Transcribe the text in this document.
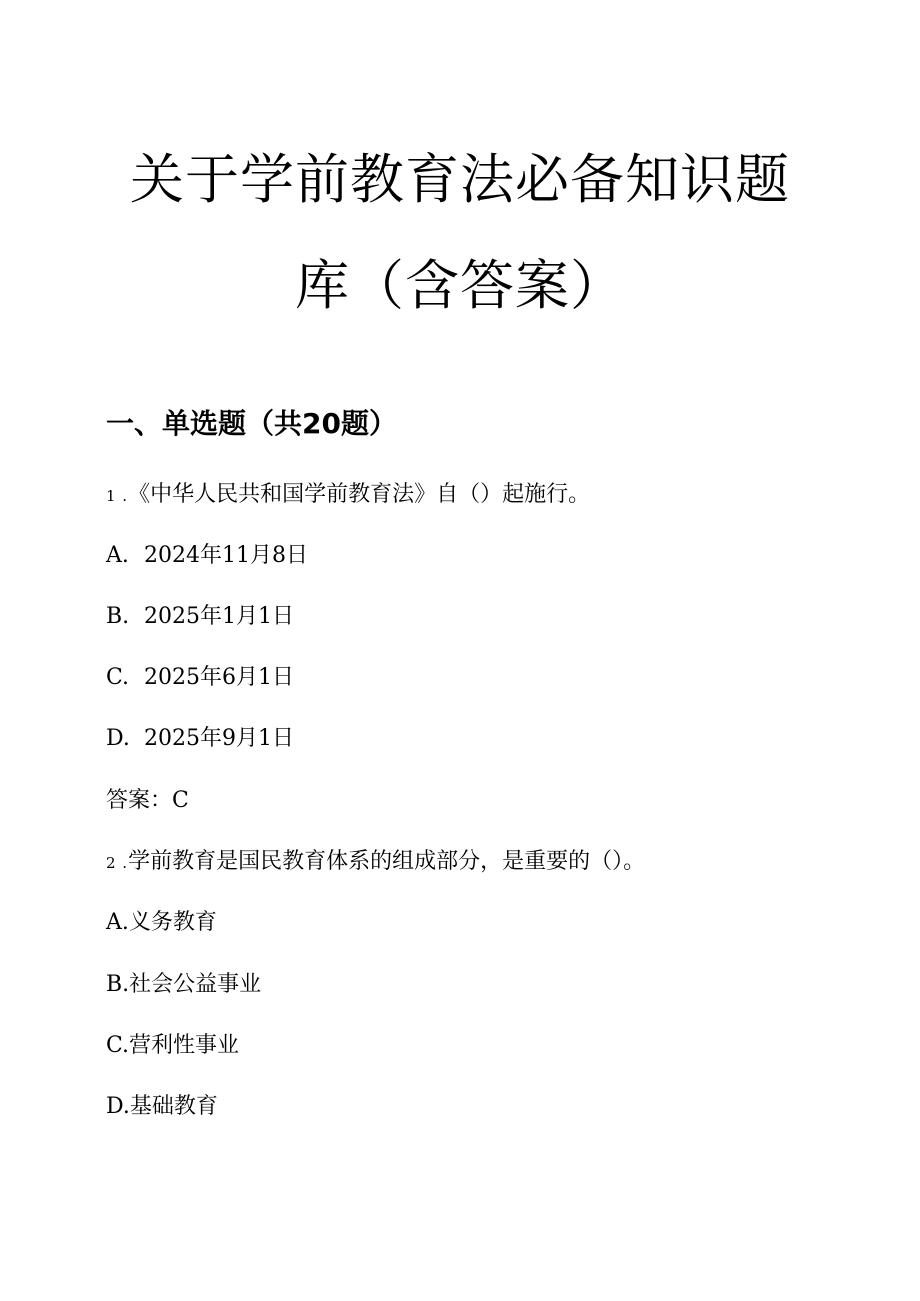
关于学前教育法必备知识题
库（含答案）
一、单选题（共20题）
1 .《中华人民共和国学前教育法》自（）起施行。
A. 2024年11月8日
B. 2025年1月1日
C. 2025年6月1日
D. 2025年9月1日
答案：C
2 .学前教育是国民教育体系的组成部分，是重要的（）。
A.义务教育
B.社会公益事业
C.营利性事业
D.基础教育
